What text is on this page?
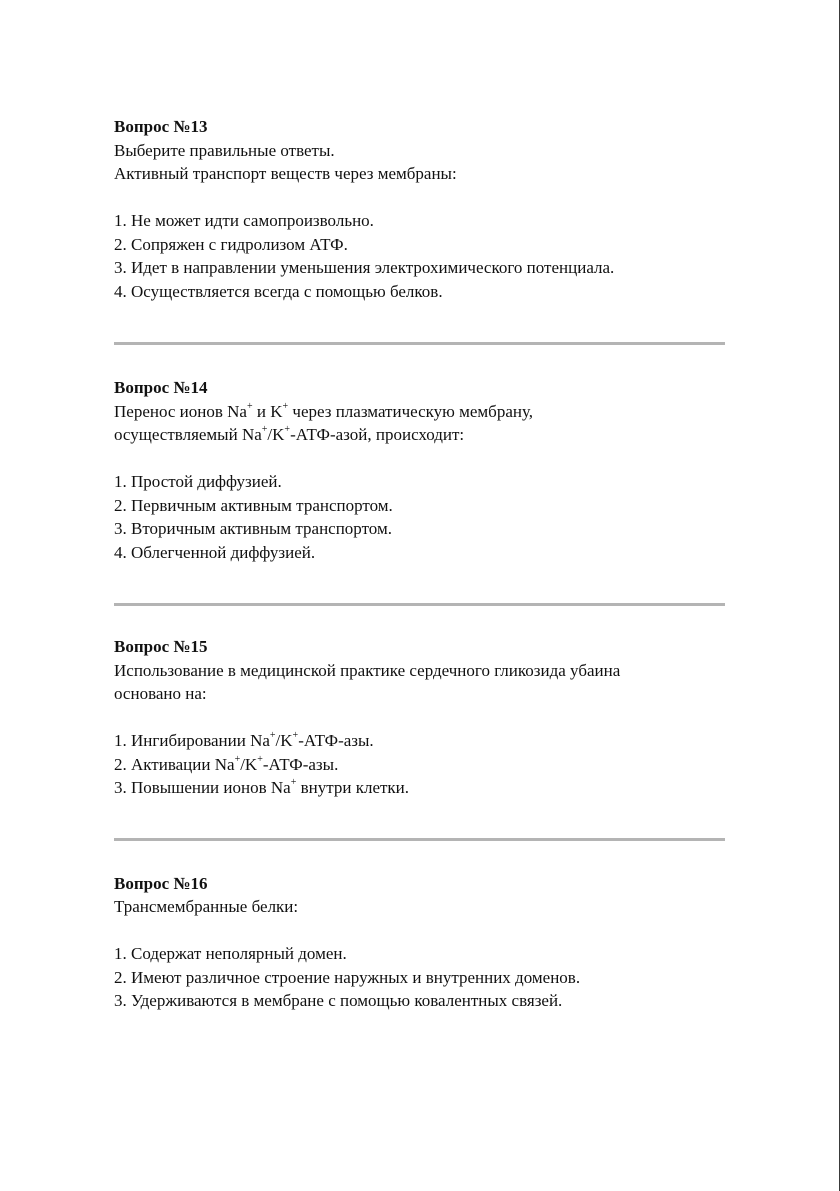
Вопрос №13
Выберите правильные ответы.
Активный транспорт веществ через мембраны:
1. Не может идти самопроизвольно.
2. Сопряжен с гидролизом АТФ.
3. Идет в направлении уменьшения электрохимического потенциала.
4. Осуществляется всегда с помощью белков.
Вопрос №14
Перенос ионов Na+ и K+ через плазматическую мембрану,
осуществляемый Na+/K+-АТФ-азой, происходит:
1. Простой диффузией.
2. Первичным активным транспортом.
3. Вторичным активным транспортом.
4. Облегченной диффузией.
Вопрос №15
Использование в медицинской практике сердечного гликозида убаина
основано на:
1. Ингибировании Na+/K+-АТФ-азы.
2. Активации Na+/K+-АТФ-азы.
3. Повышении ионов Na+ внутри клетки.
Вопрос №16
Трансмембранные белки:
1. Содержат неполярный домен.
2. Имеют различное строение наружных и внутренних доменов.
3. Удерживаются в мембране с помощью ковалентных связей.
